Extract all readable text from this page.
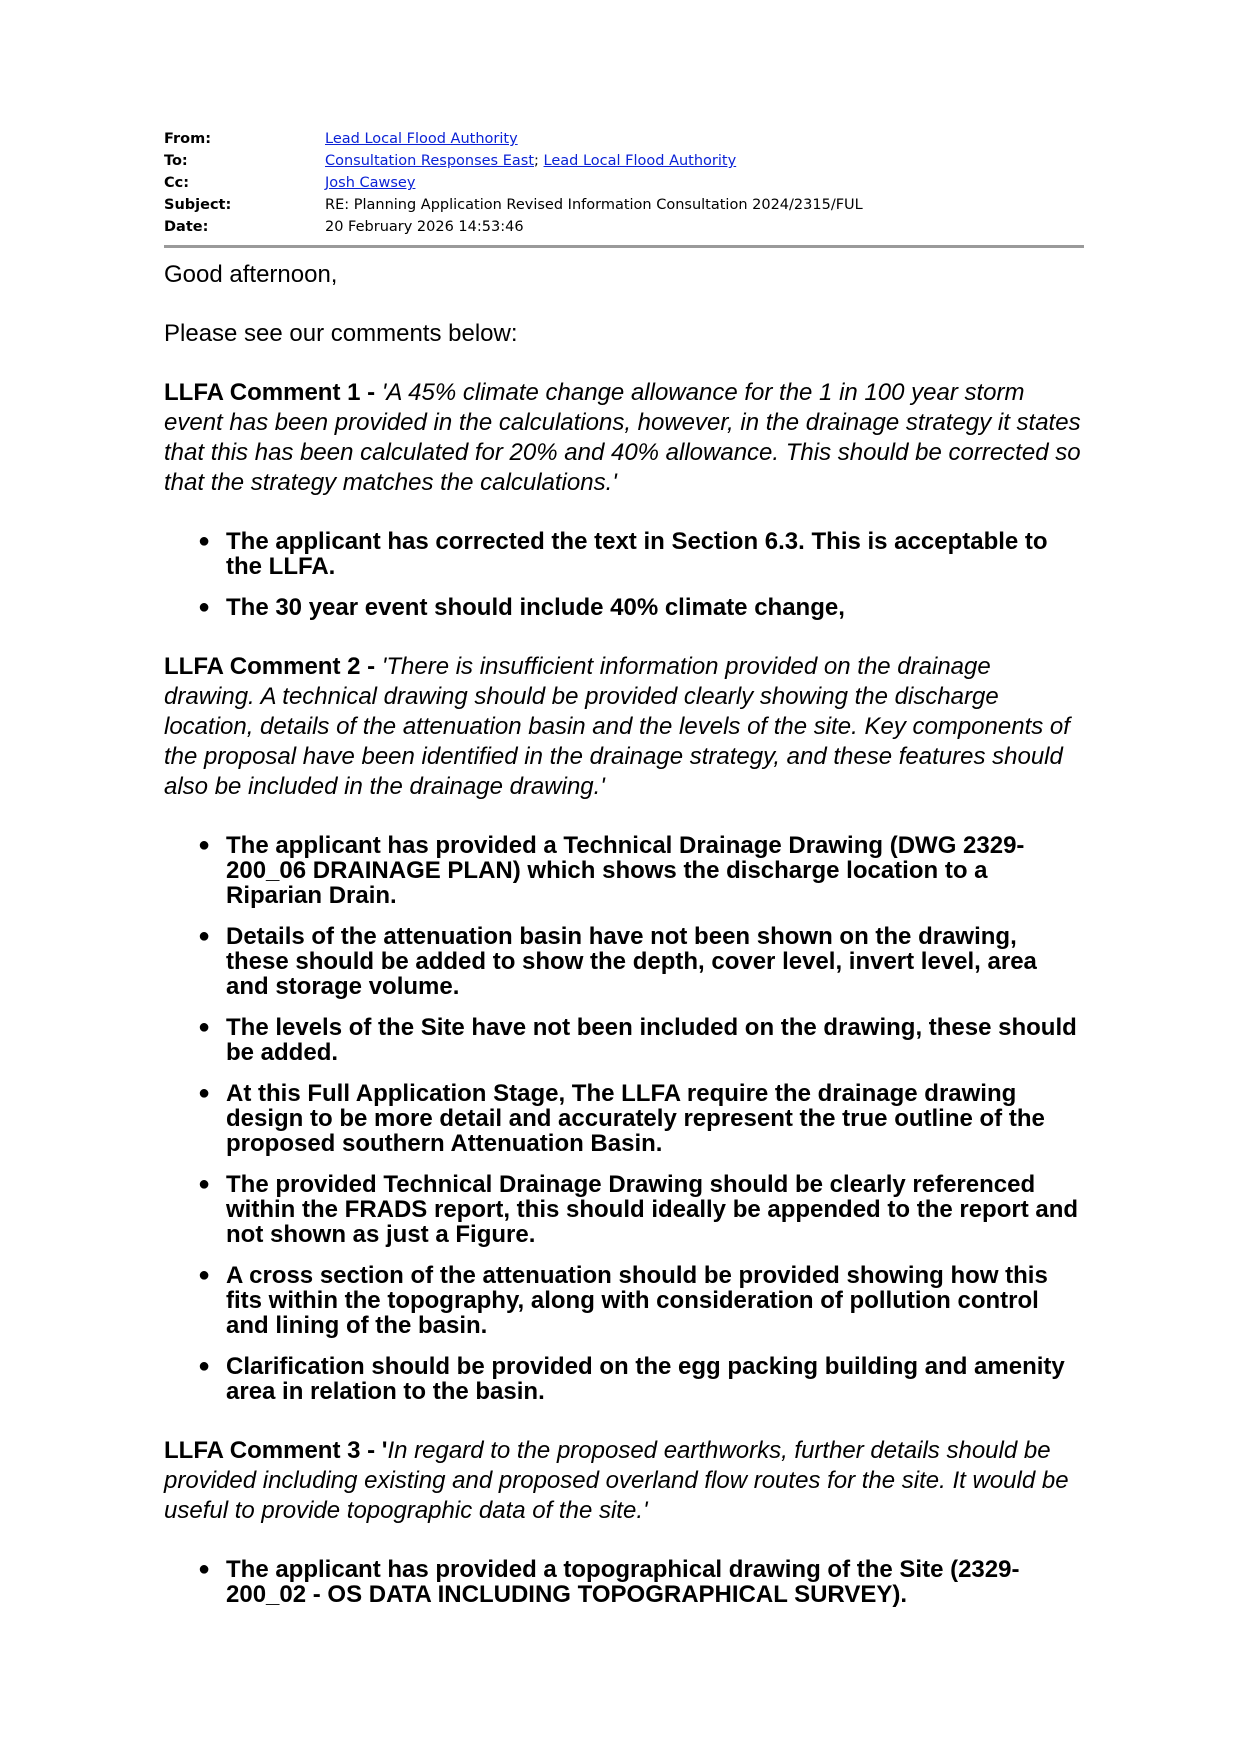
From:	Lead Local Flood Authority
To:	Consultation Responses East; Lead Local Flood Authority
Cc:	Josh Cawsey
Subject:	RE: Planning Application Revised Information Consultation 2024/2315/FUL
Date:	20 February 2026 14:53:46

Good afternoon,

Please see our comments below:

LLFA Comment 1 - 'A 45% climate change allowance for the 1 in 100 year storm event has been provided in the calculations, however, in the drainage strategy it states that this has been calculated for 20% and 40% allowance. This should be corrected so that the strategy matches the calculations.'

● The applicant has corrected the text in Section 6.3. This is acceptable to the LLFA.
● The 30 year event should include 40% climate change,

LLFA Comment 2 - 'There is insufficient information provided on the drainage drawing. A technical drawing should be provided clearly showing the discharge location, details of the attenuation basin and the levels of the site. Key components of the proposal have been identified in the drainage strategy, and these features should also be included in the drainage drawing.'

● The applicant has provided a Technical Drainage Drawing (DWG 2329-200_06 DRAINAGE PLAN) which shows the discharge location to a Riparian Drain.
● Details of the attenuation basin have not been shown on the drawing, these should be added to show the depth, cover level, invert level, area and storage volume.
● The levels of the Site have not been included on the drawing, these should be added.
● At this Full Application Stage, The LLFA require the drainage drawing design to be more detail and accurately represent the true outline of the proposed southern Attenuation Basin.
● The provided Technical Drainage Drawing should be clearly referenced within the FRADS report, this should ideally be appended to the report and not shown as just a Figure.
● A cross section of the attenuation should be provided showing how this fits within the topography, along with consideration of pollution control and lining of the basin.
● Clarification should be provided on the egg packing building and amenity area in relation to the basin.

LLFA Comment 3 - 'In regard to the proposed earthworks, further details should be provided including existing and proposed overland flow routes for the site. It would be useful to provide topographic data of the site.'

● The applicant has provided a topographical drawing of the Site (2329-200_02 - OS DATA INCLUDING TOPOGRAPHICAL SURVEY).
